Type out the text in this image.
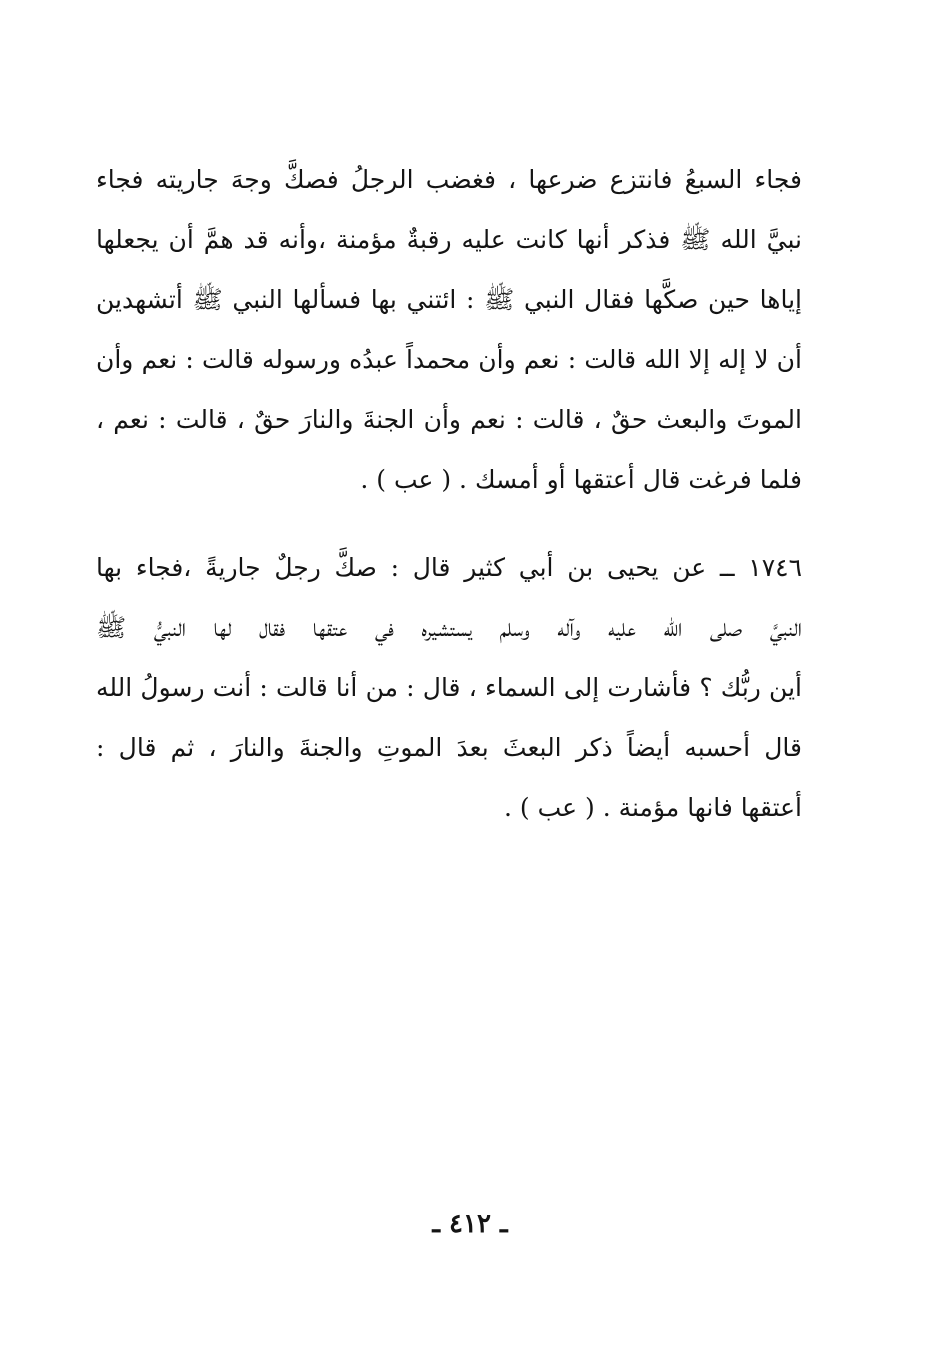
فجاء السبعُ فانتزع ضرعها ، فغضب الرجلُ فصكَّ وجهَ جاريته فجاء
نبيَّ الله ﷺ فذكر أنها كانت عليه رقبةٌ مؤمنة ،وأنه قد همَّ أن يجعلها
إياها حين صكَّها فقال النبي ﷺ : ائتني بها فسألها النبي ﷺ أتشهدين
أن لا إله إلا الله قالت : نعم وأن محمداً عبدُه ورسوله قالت : نعم وأن
الموتَ والبعث حقٌ ، قالت : نعم وأن الجنةَ والنارَ حقٌ ، قالت : نعم ،
فلما فرغت قال أعتقها أو أمسك . ( عب ) .
١٧٤٦ ــ عن يحيى بن أبي كثير قال : صكَّ رجلٌ جاريةً ،فجاء بها
النبيَّ صلى الله عليه وآله وسلم يستشيره في عتقها فقال لها النبيُّ ﷺ
أين ربُّك ؟ فأشارت إلى السماء ، قال : من أنا قالت : أنت رسولُ الله
قال أحسبه أيضاً ذكر البعثَ بعدَ الموتِ والجنةَ والنارَ ، ثم قال :
أعتقها فانها مؤمنة . ( عب ) .
ـ ٤١٢ ـ
